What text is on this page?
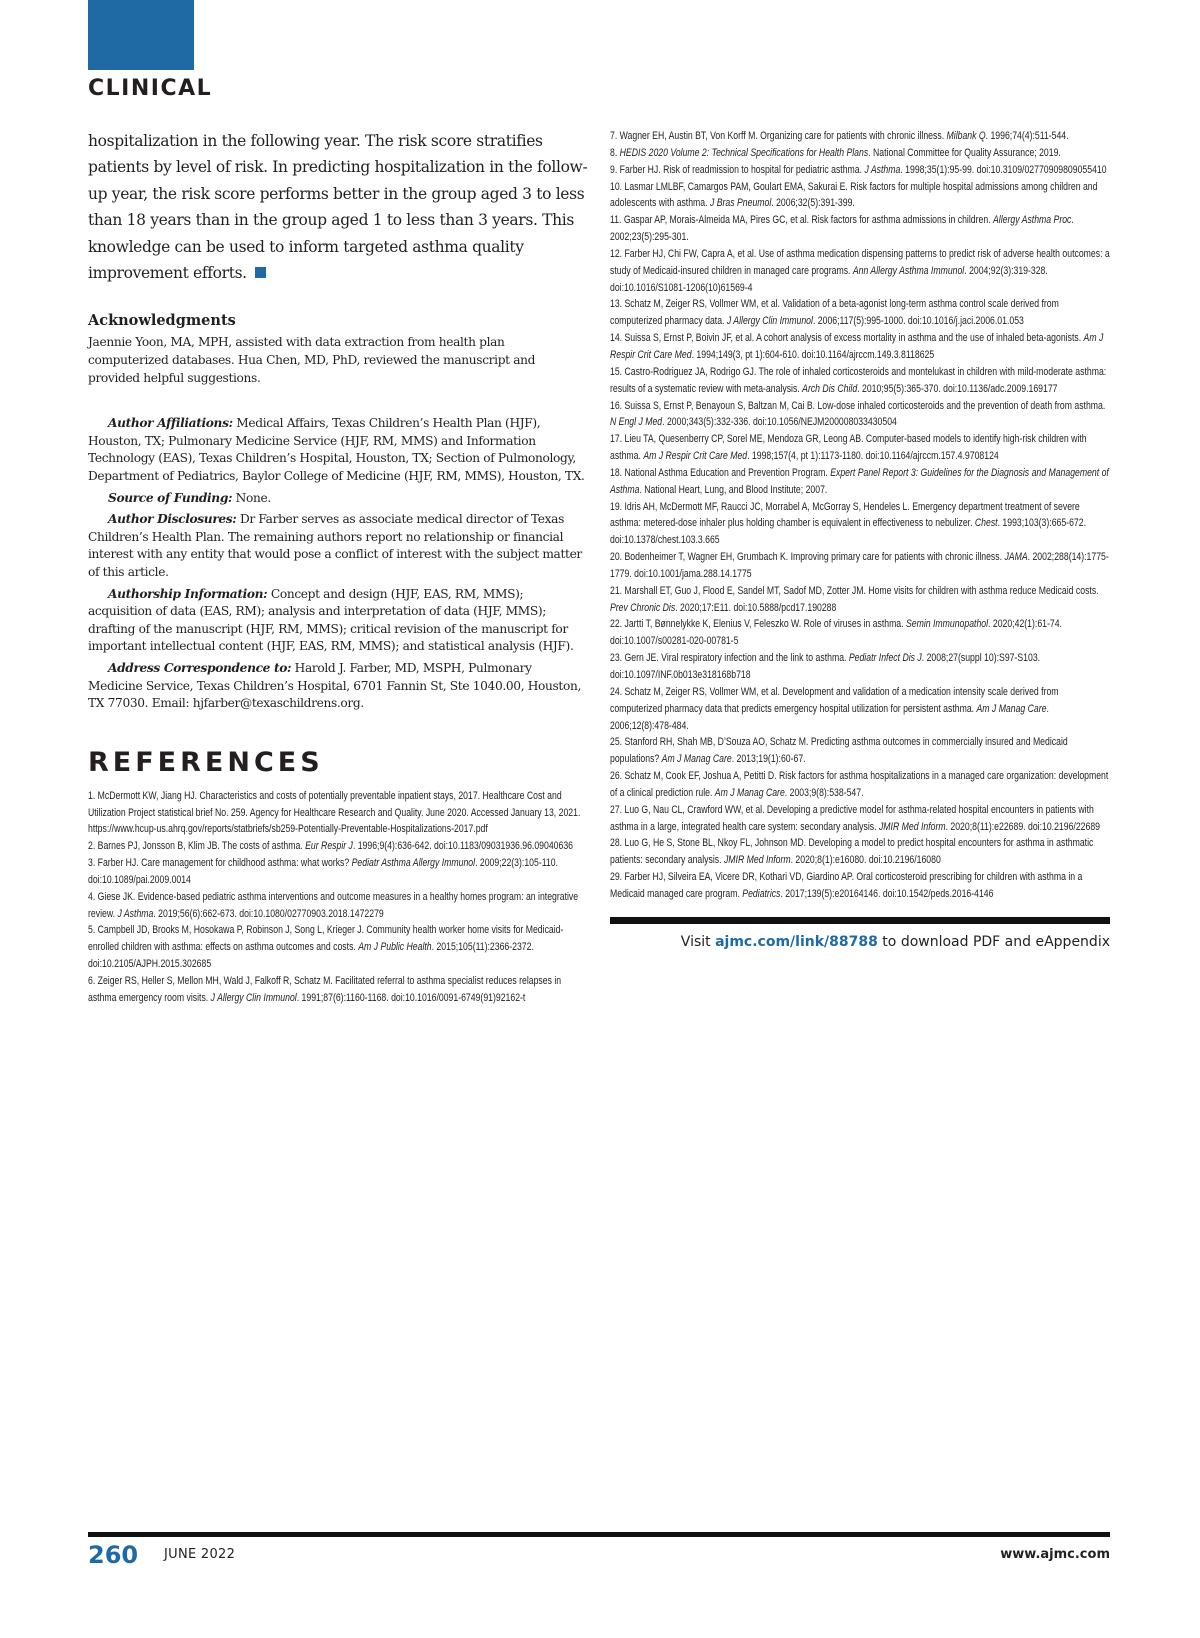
CLINICAL

hospitalization in the following year. The risk score stratifies patients by level of risk. In predicting hospitalization in the follow-up year, the risk score performs better in the group aged 3 to less than 18 years than in the group aged 1 to less than 3 years. This knowledge can be used to inform targeted asthma quality improvement efforts.

Acknowledgments

Jaennie Yoon, MA, MPH, assisted with data extraction from health plan computerized databases. Hua Chen, MD, PhD, reviewed the manuscript and provided helpful suggestions.

Author Affiliations: Medical Affairs, Texas Children’s Health Plan (HJF), Houston, TX; Pulmonary Medicine Service (HJF, RM, MMS) and Information Technology (EAS), Texas Children’s Hospital, Houston, TX; Section of Pulmonology, Department of Pediatrics, Baylor College of Medicine (HJF, RM, MMS), Houston, TX.

Source of Funding: None.

Author Disclosures: Dr Farber serves as associate medical director of Texas Children’s Health Plan. The remaining authors report no relationship or financial interest with any entity that would pose a conflict of interest with the subject matter of this article.

Authorship Information: Concept and design (HJF, EAS, RM, MMS); acquisition of data (EAS, RM); analysis and interpretation of data (HJF, MMS); drafting of the manuscript (HJF, RM, MMS); critical revision of the manuscript for important intellectual content (HJF, EAS, RM, MMS); and statistical analysis (HJF).

Address Correspondence to: Harold J. Farber, MD, MSPH, Pulmonary Medicine Service, Texas Children’s Hospital, 6701 Fannin St, Ste 1040.00, Houston, TX 77030. Email: hjfarber@texaschildrens.org.

REFERENCES
1. McDermott KW, Jiang HJ. Characteristics and costs of potentially preventable inpatient stays, 2017. Healthcare Cost and Utilization Project statistical brief No. 259. Agency for Healthcare Research and Quality. June 2020. Accessed January 13, 2021. https://www.hcup-us.ahrq.gov/reports/statbriefs/sb259-Potentially-Preventable-Hospitalizations-2017.pdf
2. Barnes PJ, Jonsson B, Klim JB. The costs of asthma. Eur Respir J. 1996;9(4):636-642. doi:10.1183/09031936.96.09040636
3. Farber HJ. Care management for childhood asthma: what works? Pediatr Asthma Allergy Immunol. 2009;22(3):105-110. doi:10.1089/pai.2009.0014
4. Giese JK. Evidence-based pediatric asthma interventions and outcome measures in a healthy homes program: an integrative review. J Asthma. 2019;56(6):662-673. doi:10.1080/02770903.2018.1472279
5. Campbell JD, Brooks M, Hosokawa P, Robinson J, Song L, Krieger J. Community health worker home visits for Medicaid-enrolled children with asthma: effects on asthma outcomes and costs. Am J Public Health. 2015;105(11):2366-2372. doi:10.2105/AJPH.2015.302685
6. Zeiger RS, Heller S, Mellon MH, Wald J, Falkoff R, Schatz M. Facilitated referral to asthma specialist reduces relapses in asthma emergency room visits. J Allergy Clin Immunol. 1991;87(6):1160-1168. doi:10.1016/0091-6749(91)92162-t
7. Wagner EH, Austin BT, Von Korff M. Organizing care for patients with chronic illness. Milbank Q. 1996;74(4):511-544.
8. HEDIS 2020 Volume 2: Technical Specifications for Health Plans. National Committee for Quality Assurance; 2019.
9. Farber HJ. Risk of readmission to hospital for pediatric asthma. J Asthma. 1998;35(1):95-99. doi:10.3109/02770909809055410
10. Lasmar LMLBF, Camargos PAM, Goulart EMA, Sakurai E. Risk factors for multiple hospital admissions among children and adolescents with asthma. J Bras Pneumol. 2006;32(5):391-399.
11. Gaspar AP, Morais-Almeida MA, Pires GC, et al. Risk factors for asthma admissions in children. Allergy Asthma Proc. 2002;23(5):295-301.
12. Farber HJ, Chi FW, Capra A, et al. Use of asthma medication dispensing patterns to predict risk of adverse health outcomes: a study of Medicaid-insured children in managed care programs. Ann Allergy Asthma Immunol. 2004;92(3):319-328. doi:10.1016/S1081-1206(10)61569-4
13. Schatz M, Zeiger RS, Vollmer WM, et al. Validation of a beta-agonist long-term asthma control scale derived from computerized pharmacy data. J Allergy Clin Immunol. 2006;117(5):995-1000. doi:10.1016/j.jaci.2006.01.053
14. Suissa S, Ernst P, Boivin JF, et al. A cohort analysis of excess mortality in asthma and the use of inhaled beta-agonists. Am J Respir Crit Care Med. 1994;149(3, pt 1):604-610. doi:10.1164/ajrccm.149.3.8118625
15. Castro-Rodriguez JA, Rodrigo GJ. The role of inhaled corticosteroids and montelukast in children with mild-moderate asthma: results of a systematic review with meta-analysis. Arch Dis Child. 2010;95(5):365-370. doi:10.1136/adc.2009.169177
16. Suissa S, Ernst P, Benayoun S, Baltzan M, Cai B. Low-dose inhaled corticosteroids and the prevention of death from asthma. N Engl J Med. 2000;343(5):332-336. doi:10.1056/NEJM200008033430504
17. Lieu TA, Quesenberry CP, Sorel ME, Mendoza GR, Leong AB. Computer-based models to identify high-risk children with asthma. Am J Respir Crit Care Med. 1998;157(4, pt 1):1173-1180. doi:10.1164/ajrccm.157.4.9708124
18. National Asthma Education and Prevention Program. Expert Panel Report 3: Guidelines for the Diagnosis and Management of Asthma. National Heart, Lung, and Blood Institute; 2007.
19. Idris AH, McDermott MF, Raucci JC, Morrabel A, McGorray S, Hendeles L. Emergency department treatment of severe asthma: metered-dose inhaler plus holding chamber is equivalent in effectiveness to nebulizer. Chest. 1993;103(3):665-672. doi:10.1378/chest.103.3.665
20. Bodenheimer T, Wagner EH, Grumbach K. Improving primary care for patients with chronic illness. JAMA. 2002;288(14):1775-1779. doi:10.1001/jama.288.14.1775
21. Marshall ET, Guo J, Flood E, Sandel MT, Sadof MD, Zotter JM. Home visits for children with asthma reduce Medicaid costs. Prev Chronic Dis. 2020;17:E11. doi:10.5888/pcd17.190288
22. Jartti T, Bønnelykke K, Elenius V, Feleszko W. Role of viruses in asthma. Semin Immunopathol. 2020;42(1):61-74. doi:10.1007/s00281-020-00781-5
23. Gern JE. Viral respiratory infection and the link to asthma. Pediatr Infect Dis J. 2008;27(suppl 10):S97-S103. doi:10.1097/INF.0b013e318168b718
24. Schatz M, Zeiger RS, Vollmer WM, et al. Development and validation of a medication intensity scale derived from computerized pharmacy data that predicts emergency hospital utilization for persistent asthma. Am J Manag Care. 2006;12(8):478-484.
25. Stanford RH, Shah MB, D’Souza AO, Schatz M. Predicting asthma outcomes in commercially insured and Medicaid populations? Am J Manag Care. 2013;19(1):60-67.
26. Schatz M, Cook EF, Joshua A, Petitti D. Risk factors for asthma hospitalizations in a managed care organization: development of a clinical prediction rule. Am J Manag Care. 2003;9(8):538-547.
27. Luo G, Nau CL, Crawford WW, et al. Developing a predictive model for asthma-related hospital encounters in patients with asthma in a large, integrated health care system: secondary analysis. JMIR Med Inform. 2020;8(11):e22689. doi:10.2196/22689
28. Luo G, He S, Stone BL, Nkoy FL, Johnson MD. Developing a model to predict hospital encounters for asthma in asthmatic patients: secondary analysis. JMIR Med Inform. 2020;8(1):e16080. doi:10.2196/16080
29. Farber HJ, Silveira EA, Vicere DR, Kothari VD, Giardino AP. Oral corticosteroid prescribing for children with asthma in a Medicaid managed care program. Pediatrics. 2017;139(5):e20164146. doi:10.1542/peds.2016-4146

Visit ajmc.com/link/88788 to download PDF and eAppendix

260 JUNE 2022	www.ajmc.com
